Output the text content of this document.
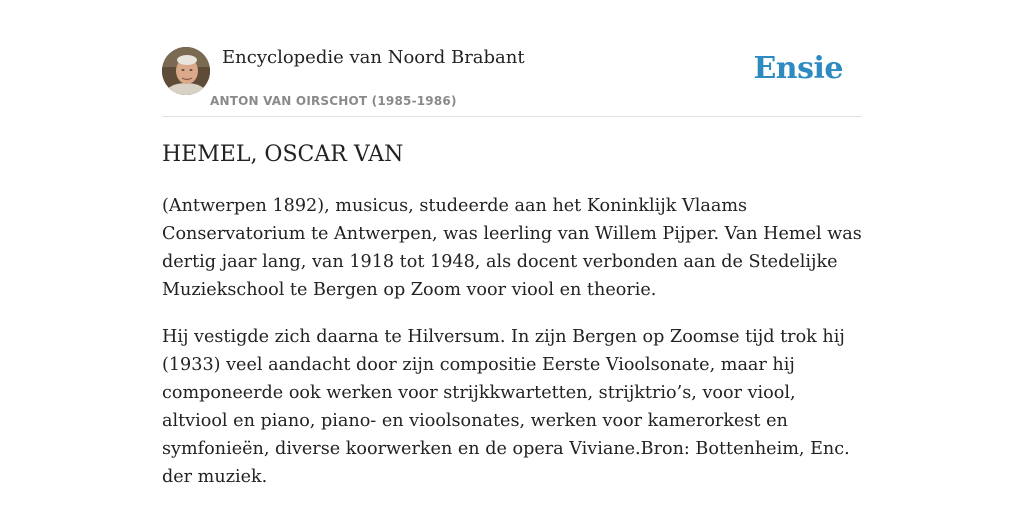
Encyclopedie van Noord Brabant
ANTON VAN OIRSCHOT (1985-1986)
Ensie
HEMEL, OSCAR VAN

(Antwerpen 1892), musicus, studeerde aan het Koninklijk Vlaams Conservatorium te Antwerpen, was leerling van Willem Pijper. Van Hemel was dertig jaar lang, van 1918 tot 1948, als docent verbonden aan de Stedelijke Muziekschool te Bergen op Zoom voor viool en theorie.

Hij vestigde zich daarna te Hilversum. In zijn Bergen op Zoomse tijd trok hij (1933) veel aandacht door zijn compositie Eerste Vioolsonate, maar hij componeerde ook werken voor strijkkwartetten, strijktrio’s, voor viool, altviool en piano, piano- en vioolsonates, werken voor kamerorkest en symfonieën, diverse koorwerken en de opera Viviane.Bron: Bottenheim, Enc. der muziek.
